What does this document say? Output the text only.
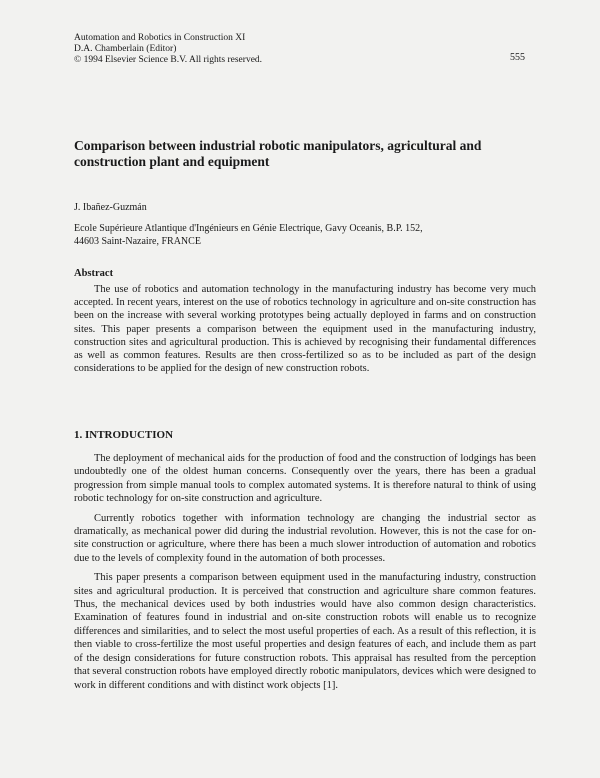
Automation and Robotics in Construction XI
D.A. Chamberlain (Editor)
© 1994 Elsevier Science B.V. All rights reserved.	555
Comparison between industrial robotic manipulators, agricultural and construction plant and equipment
J. Ibañez-Guzmán
Ecole Supérieure Atlantique d'Ingénieurs en Génie Electrique, Gavy Oceanis, B.P. 152,
44603 Saint-Nazaire, FRANCE
Abstract

The use of robotics and automation technology in the manufacturing industry has become very much accepted. In recent years, interest on the use of robotics technology in agriculture and on-site construction has been on the increase with several working prototypes being actually deployed in farms and on construction sites. This paper presents a comparison between the equipment used in the manufacturing industry, construction sites and agricultural production. This is achieved by recognising their fundamental differences as well as common features. Results are then cross-fertilized so as to be included as part of the design considerations to be applied for the design of new construction robots.

1. INTRODUCTION

The deployment of mechanical aids for the production of food and the construction of lodgings has been undoubtedly one of the oldest human concerns. Consequently over the years, there has been a gradual progression from simple manual tools to complex automated systems. It is therefore natural to think of using robotic technology for on-site construction and agriculture.

Currently robotics together with information technology are changing the industrial sector as dramatically, as mechanical power did during the industrial revolution. However, this is not the case for on-site construction or agriculture, where there has been a much slower introduction of automation and robotics due to the levels of complexity found in the automation of both processes.

This paper presents a comparison between equipment used in the manufacturing industry, construction sites and agricultural production. It is perceived that construction and agriculture share common features. Thus, the mechanical devices used by both industries would have also common design characteristics. Examination of features found in industrial and on-site construction robots will enable us to recognize differences and similarities, and to select the most useful properties of each. As a result of this reflection, it is then viable to cross-fertilize the most useful properties and design features of each, and include them as part of the design considerations for future construction robots. This appraisal has resulted from the perception that several construction robots have employed directly robotic manipulators, devices which were designed to work in different conditions and with distinct work objects [1].
